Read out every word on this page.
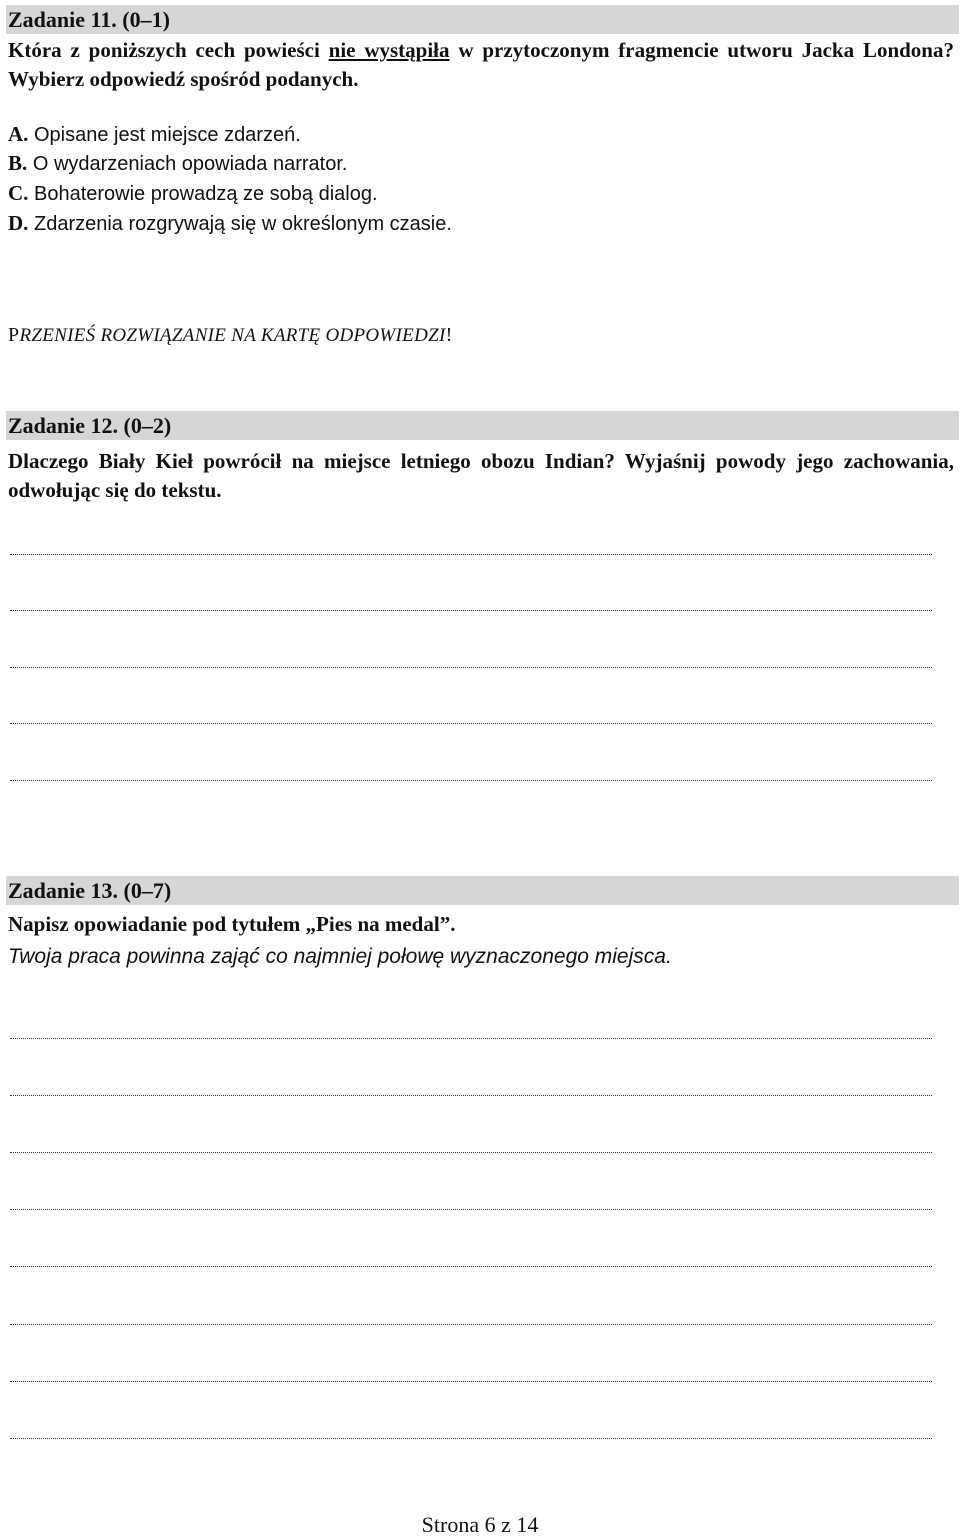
Zadanie 11. (0–1)
Która z poniższych cech powieści nie wystąpiła w przytoczonym fragmencie utworu Jacka Londona? Wybierz odpowiedź spośród podanych.
A. Opisane jest miejsce zdarzeń.
B. O wydarzeniach opowiada narrator.
C. Bohaterowie prowadzą ze sobą dialog.
D. Zdarzenia rozgrywają się w określonym czasie.
PRZENIEŚ ROZWIĄZANIE NA KARTĘ ODPOWIEDZI!
Zadanie 12. (0–2)
Dlaczego Biały Kieł powrócił na miejsce letniego obozu Indian? Wyjaśnij powody jego zachowania, odwołując się do tekstu.
Zadanie 13. (0–7)
Napisz opowiadanie pod tytułem „Pies na medal”.
Twoja praca powinna zająć co najmniej połowę wyznaczonego miejsca.
Strona 6 z 14
